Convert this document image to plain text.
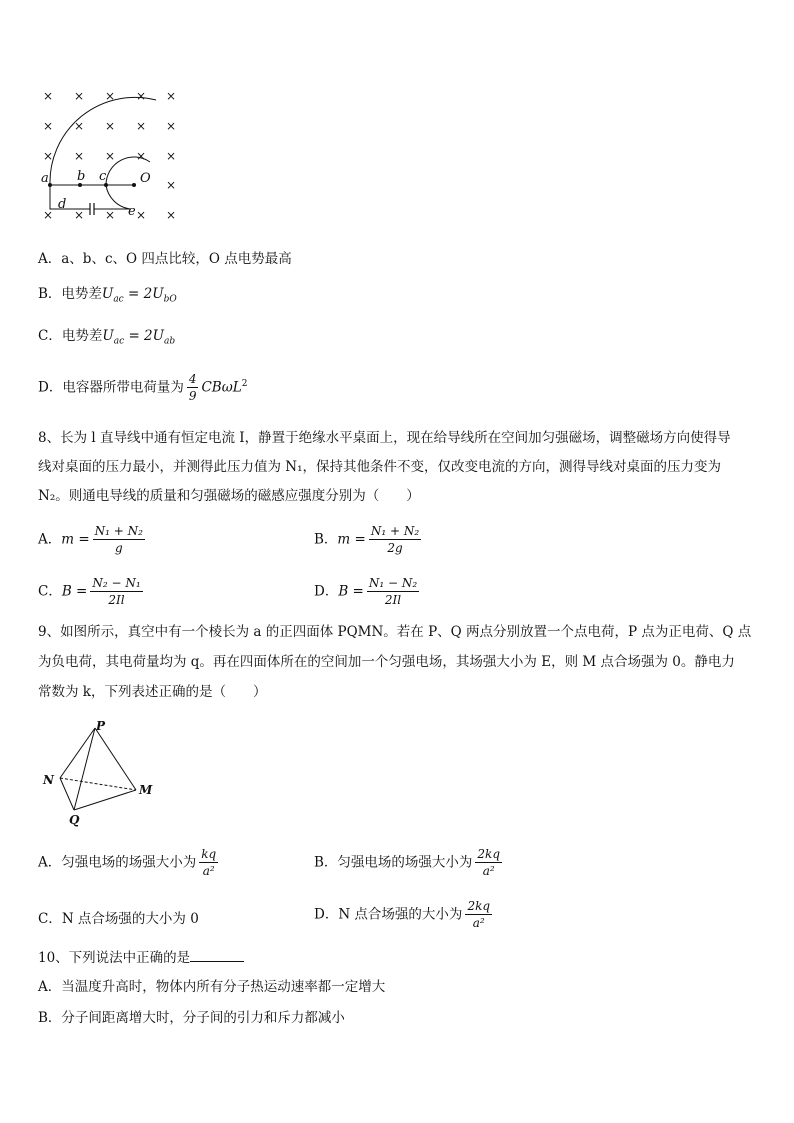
× × × × ×
× × × × ×
× × × × ×
×
× × × × ×
a b c	O
d	e
A．a、b、c、O 四点比较，O 点电势最高
B．电势差$U_{ac} = 2U_{bO}$
C．电势差$U_{ac} = 2U_{ab}$
D．电容器所带电荷量为 $\frac{4}{9} CB\omega L^2$
8、长为 l 直导线中通有恒定电流 I，静置于绝缘水平桌面上，现在给导线所在空间加匀强磁场，调整磁场方向使得导
线对桌面的压力最小，并测得此压力值为 N₁，保持其他条件不变，仅改变电流的方向，测得导线对桌面的压力变为
N₂。则通电导线的质量和匀强磁场的磁感应强度分别为（　　）
A．$m = \frac{\text{N₁ + N₂}}{g}$	B．$m = \frac{\text{N₁ + N₂}}{2g}$
C．$B = \frac{\text{N₂ − N₁}}{2Il}$	D．$B = \frac{\text{N₁ − N₂}}{2Il}$
9、如图所示，真空中有一个棱长为 a 的正四面体 PQMN。若在 P、Q 两点分别放置一个点电荷，P 点为正电荷、Q 点
为负电荷，其电荷量均为 q。再在四面体所在的空间加一个匀强电场，其场强大小为 E，则 M 点合场强为 0。静电力
常数为 k，下列表述正确的是（　　）
P
N
M
Q
A．匀强电场的场强大小为 $\frac{kq}{\text{a²}}$	B．匀强电场的场强大小为 $\frac{2kq}{\text{a²}}$
C．N 点合场强的大小为 0	D．N 点合场强的大小为 $\frac{2kq}{\text{a²}}$
10、下列说法中正确的是
A．当温度升高时，物体内所有分子热运动速率都一定增大
B．分子间距离增大时，分子间的引力和斥力都减小
